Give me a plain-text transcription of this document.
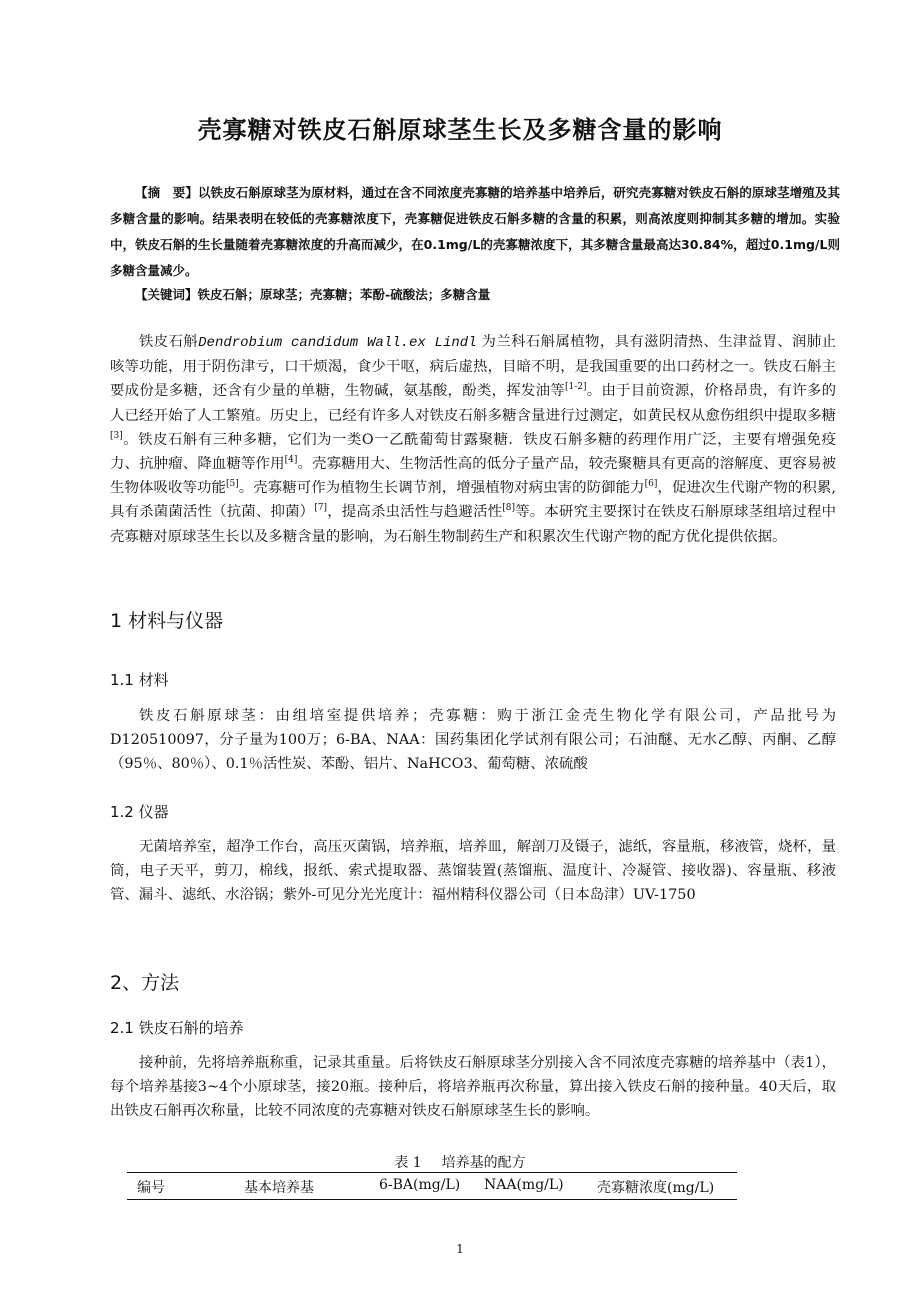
壳寡糖对铁皮石斛原球茎生长及多糖含量的影响

【摘　要】以铁皮石斛原球茎为原材料，通过在含不同浓度壳寡糖的培养基中培养后，研究壳寡糖对铁皮石斛的原球茎增殖及其多糖含量的影响。结果表明在较低的壳寡糖浓度下，壳寡糖促进铁皮石斛多糖的含量的积累，则高浓度则抑制其多糖的增加。实验中，铁皮石斛的生长量随着壳寡糖浓度的升高而减少，在0.1mg/L的壳寡糖浓度下，其多糖含量最高达30.84%，超过0.1mg/L则多糖含量减少。

【关键词】铁皮石斛；原球茎；壳寡糖；苯酚-硫酸法；多糖含量

铁皮石斛Dendrobium candidum Wall.ex Lindl 为兰科石斛属植物，具有滋阴清热、生津益胃、润肺止咳等功能，用于阴伤津亏，口干烦渴，食少干呕，病后虚热，目暗不明，是我国重要的出口药材之一。铁皮石斛主要成份是多糖，还含有少量的单糖，生物碱，氨基酸，酚类，挥发油等[1-2]。由于目前资源，价格昂贵，有许多的人已经开始了人工繁殖。历史上，已经有许多人对铁皮石斛多糖含量进行过测定，如黄民权从愈伤组织中提取多糖[3]。铁皮石斛有三种多糖，它们为一类O一乙酰葡萄甘露聚糖．铁皮石斛多糖的药理作用广泛，主要有增强免疫力、抗肿瘤、降血糖等作用[4]。壳寡糖用大、生物活性高的低分子量产品，较壳聚糖具有更高的溶解度、更容易被生物体吸收等功能[5]。壳寡糖可作为植物生长调节剂，增强植物对病虫害的防御能力[6]，促进次生代谢产物的积累,具有杀菌菌活性（抗菌、抑菌）[7]，提高杀虫活性与趋避活性[8]等。本研究主要探讨在铁皮石斛原球茎组培过程中壳寡糖对原球茎生长以及多糖含量的影响，为石斛生物制药生产和积累次生代谢产物的配方优化提供依据。

1 材料与仪器
1.1 材料

铁皮石斛原球茎：由组培室提供培养；壳寡糖：购于浙江金壳生物化学有限公司，产品批号为D120510097，分子量为100万；6-BA、NAA：国药集团化学试剂有限公司；石油醚、无水乙醇、丙酮、乙醇（95％、80％）、0.1％活性炭、苯酚、铝片、NaHCO3、葡萄糖、浓硫酸

1.2 仪器

无菌培养室，超净工作台，高压灭菌锅，培养瓶，培养皿，解剖刀及镊子，滤纸，容量瓶，移液管，烧杯，量筒，电子天平，剪刀，棉线，报纸、索式提取器、蒸馏装置(蒸馏瓶、温度计、冷凝管、接收器)、容量瓶、移液管、漏斗、滤纸、水浴锅；紫外-可见分光光度计：福州精科仪器公司（日本岛津）UV-1750

2、方法
2.1 铁皮石斛的培养

接种前，先将培养瓶称重，记录其重量。后将铁皮石斛原球茎分别接入含不同浓度壳寡糖的培养基中（表1），每个培养基接3~4个小原球茎，接20瓶。接种后，将培养瓶再次称量，算出接入铁皮石斛的接种量。40天后，取出铁皮石斛再次称量，比较不同浓度的壳寡糖对铁皮石斛原球茎生长的影响。

表 1 培养基的配方
编号	基本培养基	6-BA(mg/L) NAA(mg/L) 壳寡糖浓度(mg/L)
1
